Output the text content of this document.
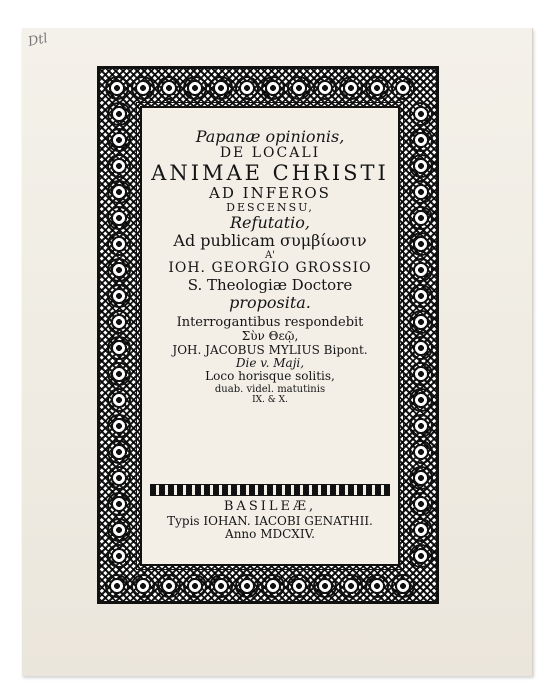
Dtl
Papanæ opinionis,
DE LOCALI
ANIMAE CHRISTI
AD INFEROS
DESCENSU,
Refutatio,
Ad publicam συμβίωσιν
A'
IOH. GEORGIO GROSSIO
S. Theologiæ Doctore
proposita.
Interrogantibus respondebit
Σὺν Θεῷ,
JOH. JACOBUS MYLIUS Bipont.
Die v. Maji,
Loco horisque solitis,
duab. videl. matutinis
IX. & X.
BASILEÆ,
Typis IOHAN. IACOBI GENATHII.
Anno MDCXIV.
